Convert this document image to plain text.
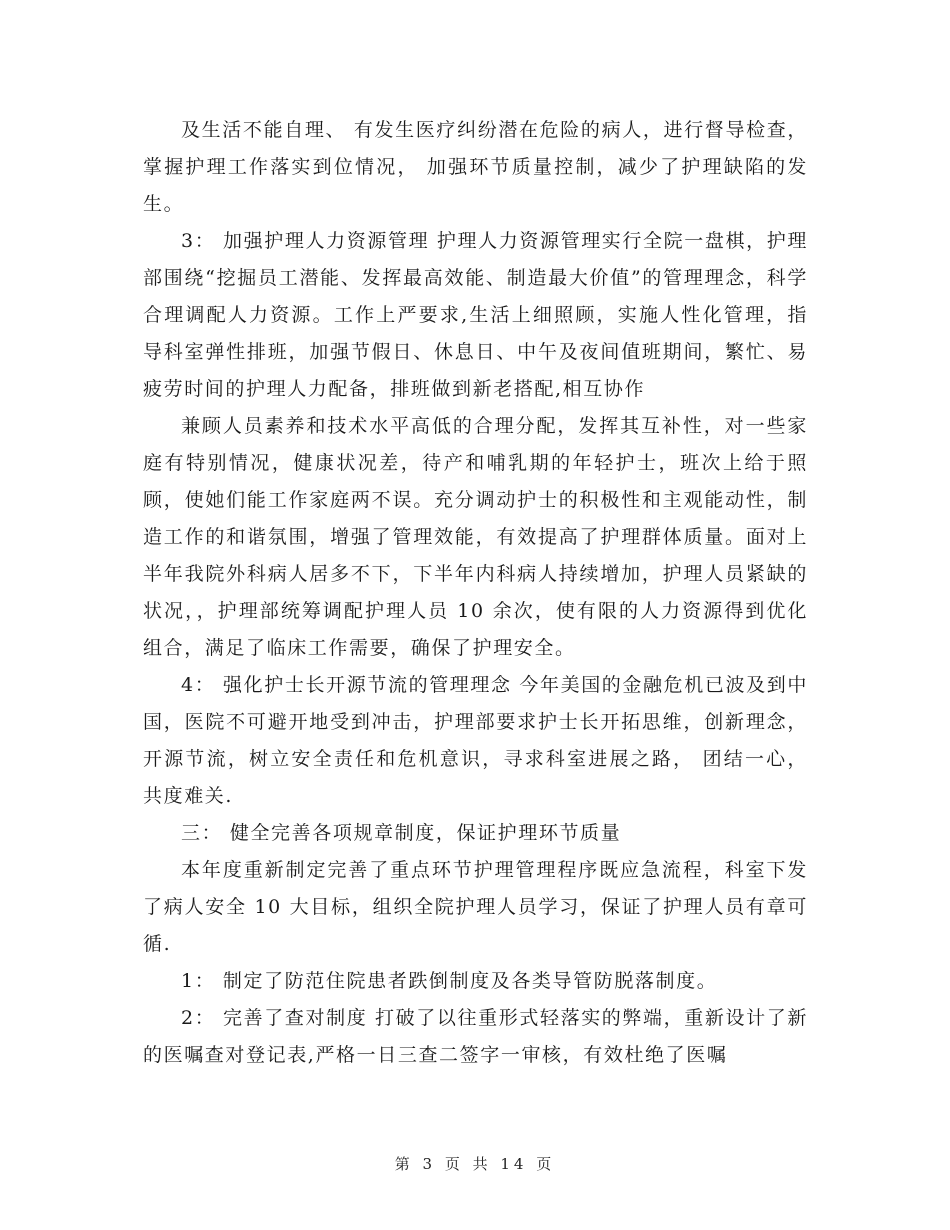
及生活不能自理、 有发生医疗纠纷潜在危险的病人，进行督导检查， 掌握护理工作落实到位情况， 加强环节质量控制，减少了护理缺陷的发生。

3： 加强护理人力资源管理 护理人力资源管理实行全院一盘棋，护理部围绕“挖掘员工潜能、发挥最高效能、制造最大价值”的管理理念，科学合理调配人力资源。工作上严要求,生活上细照顾，实施人性化管理，指导科室弹性排班，加强节假日、休息日、中午及夜间值班期间，繁忙、易疲劳时间的护理人力配备，排班做到新老搭配,相互协作

兼顾人员素养和技术水平高低的合理分配，发挥其互补性，对一些家庭有特别情况，健康状况差，待产和哺乳期的年轻护士，班次上给于照顾，使她们能工作家庭两不误。充分调动护士的积极性和主观能动性，制造工作的和谐氛围，增强了管理效能，有效提高了护理群体质量。面对上半年我院外科病人居多不下，下半年内科病人持续增加，护理人员紧缺的状况，，护理部统筹调配护理人员 10 余次，使有限的人力资源得到优化组合，满足了临床工作需要，确保了护理安全。

4： 强化护士长开源节流的管理理念 今年美国的金融危机已波及到中国，医院不可避开地受到冲击，护理部要求护士长开拓思维，创新理念，开源节流，树立安全责任和危机意识，寻求科室进展之路， 团结一心，共度难关.

三： 健全完善各项规章制度，保证护理环节质量

本年度重新制定完善了重点环节护理管理程序既应急流程，科室下发了病人安全 10 大目标，组织全院护理人员学习，保证了护理人员有章可循.

1： 制定了防范住院患者跌倒制度及各类导管防脱落制度。

2： 完善了查对制度 打破了以往重形式轻落实的弊端，重新设计了新的医嘱查对登记表,严格一日三查二签字一审核，有效杜绝了医嘱

第 3 页 共 14 页
